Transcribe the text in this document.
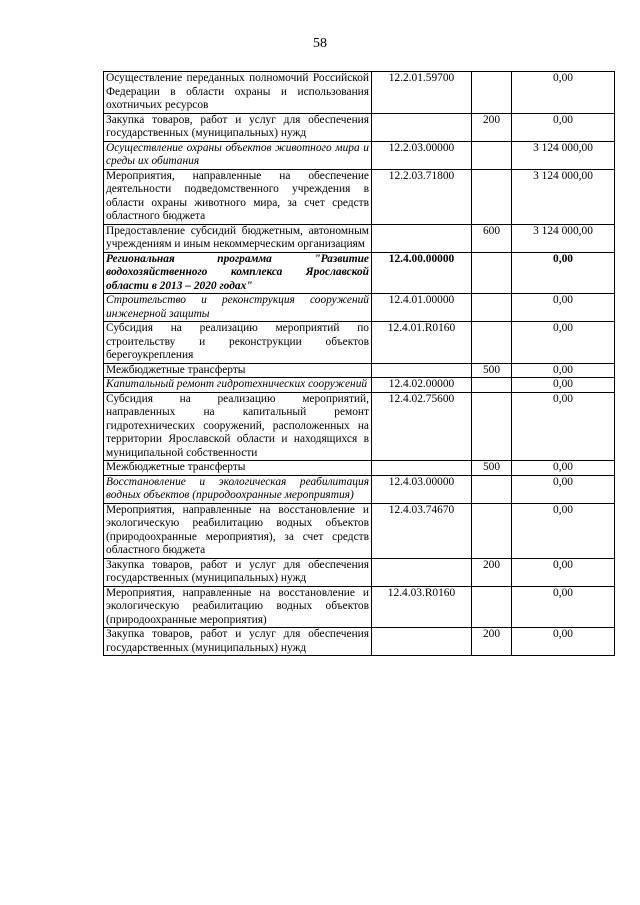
58
Осуществление переданных полномочий Российской Федерации в области охраны и использования охотничьих ресурсов	12.2.01.59700		0,00
Закупка товаров, работ и услуг для обеспечения государственных (муниципальных) нужд		200	0,00
Осуществление охраны объектов животного мира и среды их обитания	12.2.03.00000		3 124 000,00
Мероприятия, направленные на обеспечение деятельности подведомственного учреждения в области охраны животного мира, за счет средств областного бюджета	12.2.03.71800		3 124 000,00
Предоставление субсидий бюджетным, автономным учреждениям и иным некоммерческим организациям		600	3 124 000,00
Региональная программа "Развитие водохозяйственного комплекса Ярославской области в 2013 – 2020 годах"	12.4.00.00000		0,00
Строительство и реконструкция сооружений инженерной защиты	12.4.01.00000		0,00
Субсидия на реализацию мероприятий по строительству и реконструкции объектов берегоукрепления	12.4.01.R0160		0,00
Межбюджетные трансферты		500	0,00
Капитальный ремонт гидротехнических сооружений	12.4.02.00000		0,00
Субсидия на реализацию мероприятий, направленных на капитальный ремонт гидротехнических сооружений, расположенных на территории Ярославской области и находящихся в муниципальной собственности	12.4.02.75600		0,00
Межбюджетные трансферты		500	0,00
Восстановление и экологическая реабилитация водных объектов (природоохранные мероприятия)	12.4.03.00000		0,00
Мероприятия, направленные на восстановление и экологическую реабилитацию водных объектов (природоохранные мероприятия), за счет средств областного бюджета	12.4.03.74670		0,00
Закупка товаров, работ и услуг для обеспечения государственных (муниципальных) нужд		200	0,00
Мероприятия, направленные на восстановление и экологическую реабилитацию водных объектов (природоохранные мероприятия)	12.4.03.R0160		0,00
Закупка товаров, работ и услуг для обеспечения государственных (муниципальных) нужд		200	0,00
